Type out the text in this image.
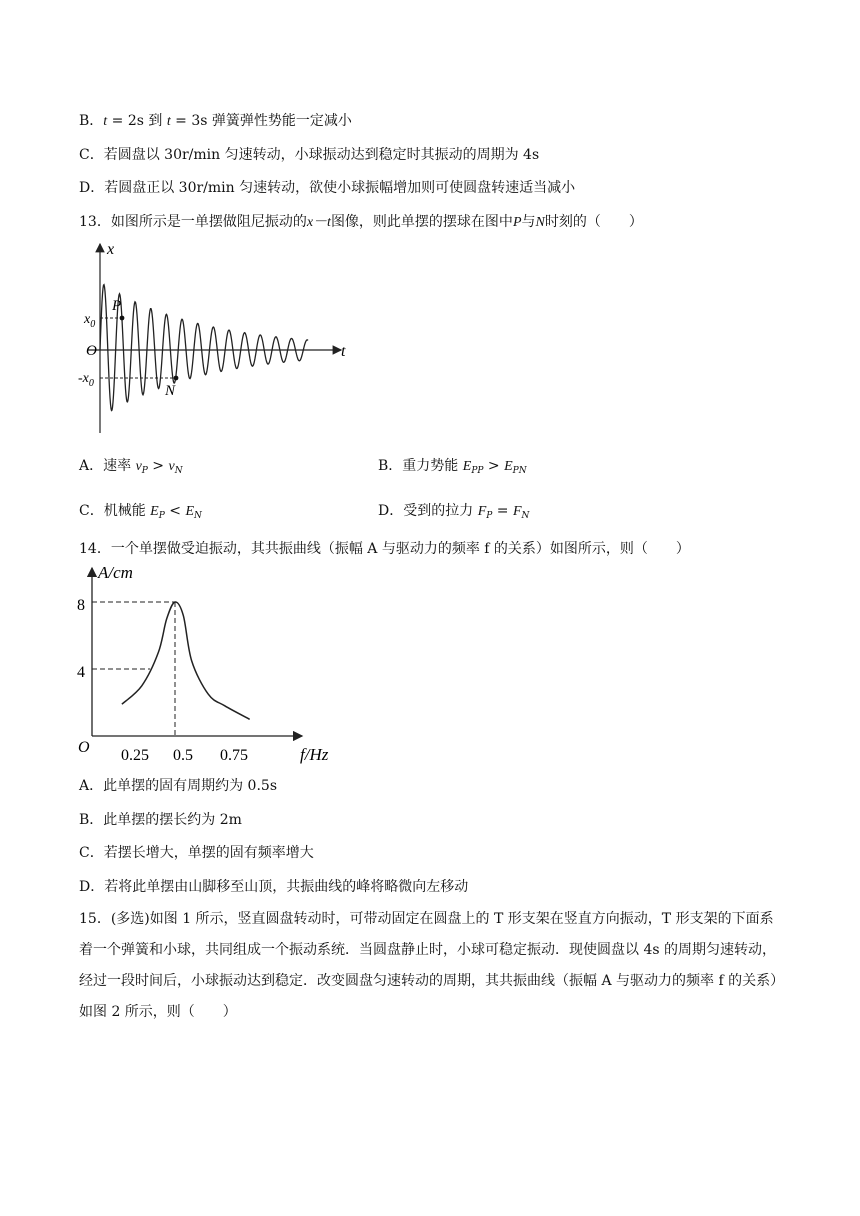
B．t = 2s 到 t = 3s 弹簧弹性势能一定减小
C．若圆盘以 30r/min 匀速转动，小球振动达到稳定时其振动的周期为 4s
D．若圆盘正以 30r/min 匀速转动，欲使小球振幅增加则可使圆盘转速适当减小
13．如图所示是一单摆做阻尼振动的x－t图像，则此单摆的摆球在图中P与N时刻的（　　）
x
t
O
$x_0$
$-x_0$
P
N
A．速率 $v_P > v_N$	B．重力势能 $E_{PP} > E_{PN}$
C．机械能 $E_P < E_N$	D．受到的拉力 $F_P = F_N$
14．一个单摆做受迫振动，其共振曲线（振幅 A 与驱动力的频率 f 的关系）如图所示，则（　　）
A/cm
f/Hz
O
8
4
0.25 0.5 0.75
A．此单摆的固有周期约为 0.5s
B．此单摆的摆长约为 2m
C．若摆长增大，单摆的固有频率增大
D．若将此单摆由山脚移至山顶，共振曲线的峰将略微向左移动
15．(多选)如图 1 所示，竖直圆盘转动时，可带动固定在圆盘上的 T 形支架在竖直方向振动，T 形支架的下面系着一个弹簧和小球，共同组成一个振动系统．当圆盘静止时，小球可稳定振动．现使圆盘以 4s 的周期匀速转动，经过一段时间后，小球振动达到稳定．改变圆盘匀速转动的周期，其共振曲线（振幅 A 与驱动力的频率 f 的关系）如图 2 所示，则（　　）
